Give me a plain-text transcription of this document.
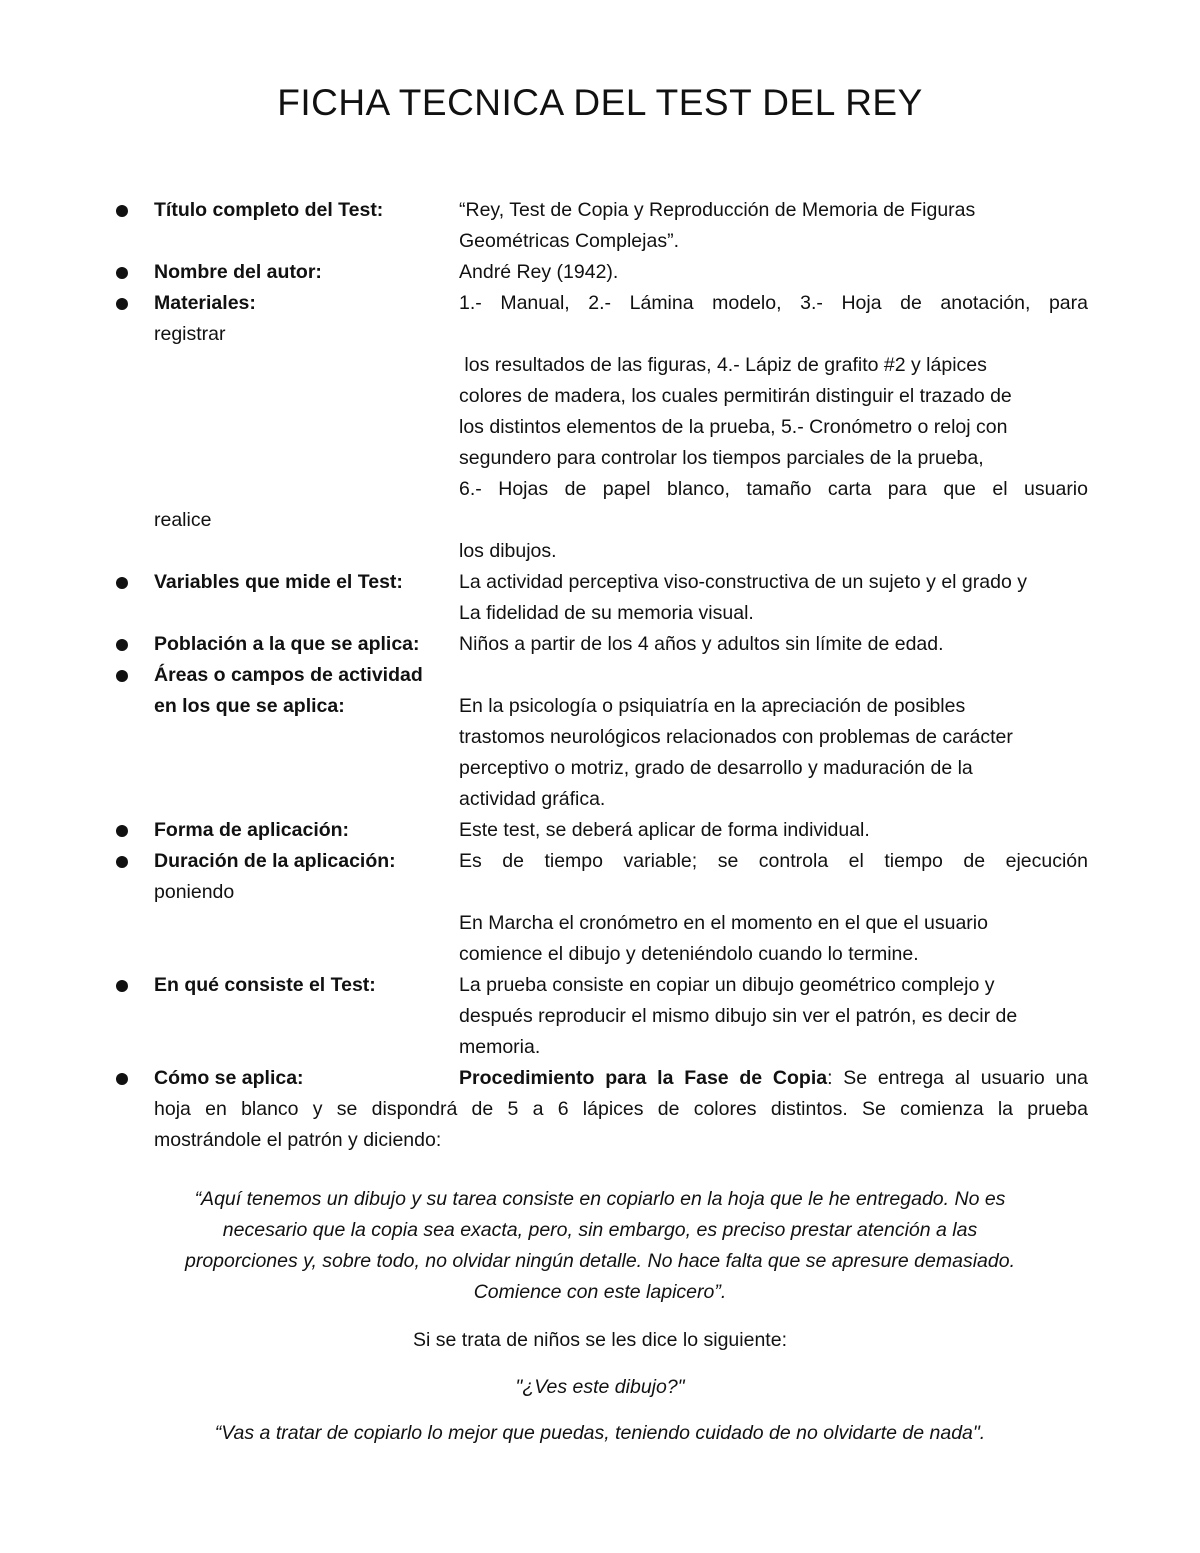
FICHA TECNICA DEL TEST DEL REY
Título completo del Test:	“Rey, Test de Copia y Reproducción de Memoria de Figuras
Geométricas Complejas”.
Nombre del autor:	André Rey (1942).
Materiales:	1.- Manual, 2.- Lámina modelo, 3.- Hoja de anotación, para
registrar
los resultados de las figuras, 4.- Lápiz de grafito #2 y lápices
colores de madera, los cuales permitirán distinguir el trazado de
los distintos elementos de la prueba, 5.- Cronómetro o reloj con
segundero para controlar los tiempos parciales de la prueba,
6.- Hojas de papel blanco, tamaño carta para que el usuario
realice
los dibujos.
Variables que mide el Test:	La actividad perceptiva viso-constructiva de un sujeto y el grado y
La fidelidad de su memoria visual.
Población a la que se aplica: Niños a partir de los 4 años y adultos sin límite de edad.
Áreas o campos de actividad
en los que se aplica:	En la psicología o psiquiatría en la apreciación de posibles
trastomos neurológicos relacionados con problemas de carácter
perceptivo o motriz, grado de desarrollo y maduración de la
actividad gráfica.
Forma de aplicación:	Este test, se deberá aplicar de forma individual.
Duración de la aplicación:	Es de tiempo variable; se controla el tiempo de ejecución
poniendo
En Marcha el cronómetro en el momento en el que el usuario
comience el dibujo y deteniéndolo cuando lo termine.
En qué consiste el Test:	La prueba consiste en copiar un dibujo geométrico complejo y
después reproducir el mismo dibujo sin ver el patrón, es decir de
memoria.
Cómo se aplica:	Procedimiento para la Fase de Copia: Se entrega al usuario una
hoja en blanco y se dispondrá de 5 a 6 lápices de colores distintos. Se comienza la prueba
mostrándole el patrón y diciendo:
“Aquí tenemos un dibujo y su tarea consiste en copiarlo en la hoja que le he entregado. No es
necesario que la copia sea exacta, pero, sin embargo, es preciso prestar atención a las
proporciones y, sobre todo, no olvidar ningún detalle. No hace falta que se apresure demasiado.
Comience con este lapicero”.
Si se trata de niños se les dice lo siguiente:
"¿Ves este dibujo?"
“Vas a tratar de copiarlo lo mejor que puedas, teniendo cuidado de no olvidarte de nada".
